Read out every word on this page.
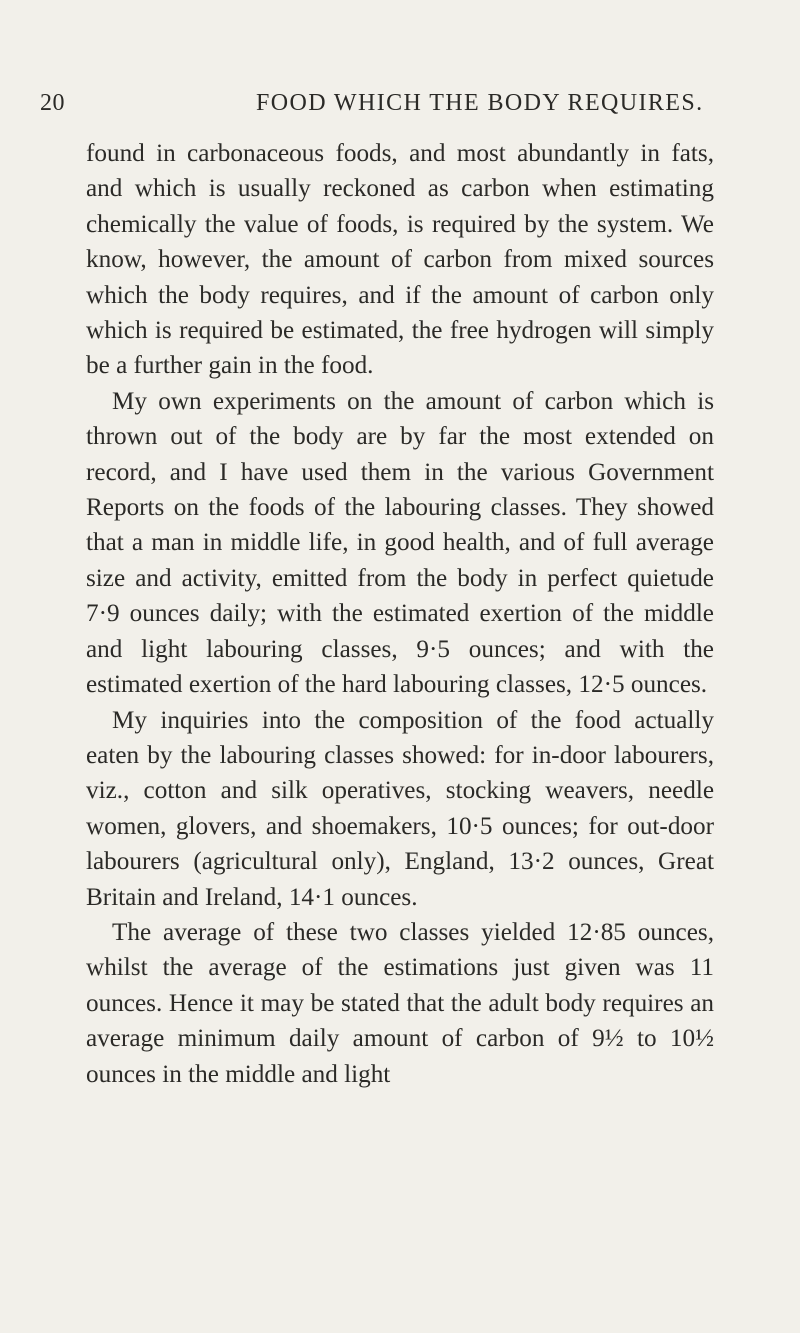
20	FOOD WHICH THE BODY REQUIRES.

found in carbonaceous foods, and most abundantly in fats, and which is usually reckoned as carbon when estimating chemically the value of foods, is required by the system. We know, however, the amount of carbon from mixed sources which the body requires, and if the amount of carbon only which is required be estimated, the free hydrogen will simply be a further gain in the food.

My own experiments on the amount of carbon which is thrown out of the body are by far the most extended on record, and I have used them in the various Government Reports on the foods of the labouring classes. They showed that a man in middle life, in good health, and of full average size and activity, emitted from the body in perfect quietude 7·9 ounces daily; with the estimated exertion of the middle and light labouring classes, 9·5 ounces; and with the estimated exertion of the hard labouring classes, 12·5 ounces.

My inquiries into the composition of the food actually eaten by the labouring classes showed: for in-door labourers, viz., cotton and silk operatives, stocking weavers, needle women, glovers, and shoemakers, 10·5 ounces; for out-door labourers (agricultural only), England, 13·2 ounces, Great Britain and Ireland, 14·1 ounces.

The average of these two classes yielded 12·85 ounces, whilst the average of the estimations just given was 11 ounces. Hence it may be stated that the adult body requires an average minimum daily amount of carbon of 9½ to 10½ ounces in the middle and light
